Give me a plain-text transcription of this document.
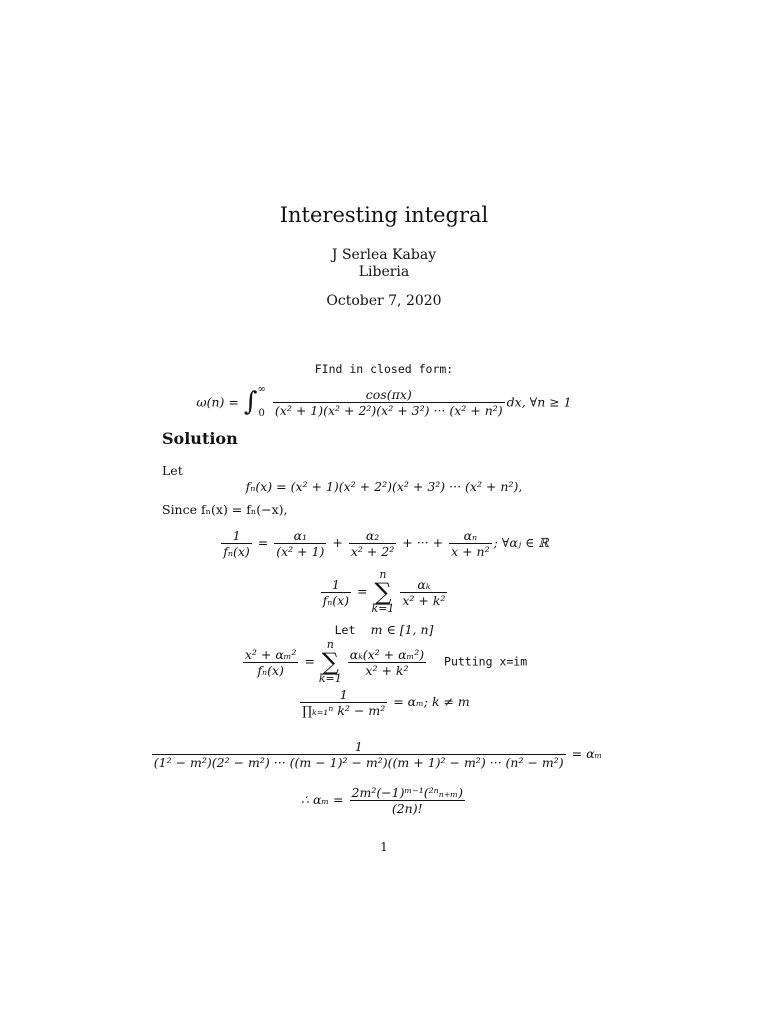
Interesting integral
J Serlea Kabay
Liberia
October 7, 2020
FInd in closed form:
ω(n) = ∫ ∞
0
$\frac{\cos(\pi x)}{\text{(x² + 1)(x² + 2²)(x² + 3²) ··· (x² + n²)}}$ dx, ∀n ≥ 1
Solution
Let
fₙ(x) = (x² + 1)(x² + 2²)(x² + 3²) ··· (x² + n²),
Since fₙ(x) = fₙ(−x),
$\frac{1}{\text{fₙ(x)}} = \frac{\text{α₁}}{\text{(x² + 1)}} + \frac{\text{α₂}}{\text{x² + 2²}}$ + ··· + $\frac{\text{αₙ}}{\text{x + n²}}$ ; ∀αⱼ ∈ ℝ
$\frac{1}{\text{fₙ(x)}}$ =
n
∑
k=1

$\frac{\text{αₖ}}{\text{x² + k²}}$
Let m ∈ [1, n]
$\frac{\text{x² + αₘ²}}{\text{fₙ(x)}}$ =
n
∑
k=1

$\frac{\text{αₖ(x² + αₘ²)}}{\text{x² + k²}}$ Putting x=im
$\frac{1}{\text{∏ₖ₌₁ⁿ k² − m²}} = \alpha_m$; k ≠ m
1
(1² − m²)(2² − m²) ··· ((m − 1)² − m²)((m + 1)² − m²) ··· (n² − m²)
= αₘ
∴ $\alpha_m = \frac{\text{2m²(−1)ᵐ⁻¹(²ⁿₙ₊ₘ)}}{(2n)!}$
1
